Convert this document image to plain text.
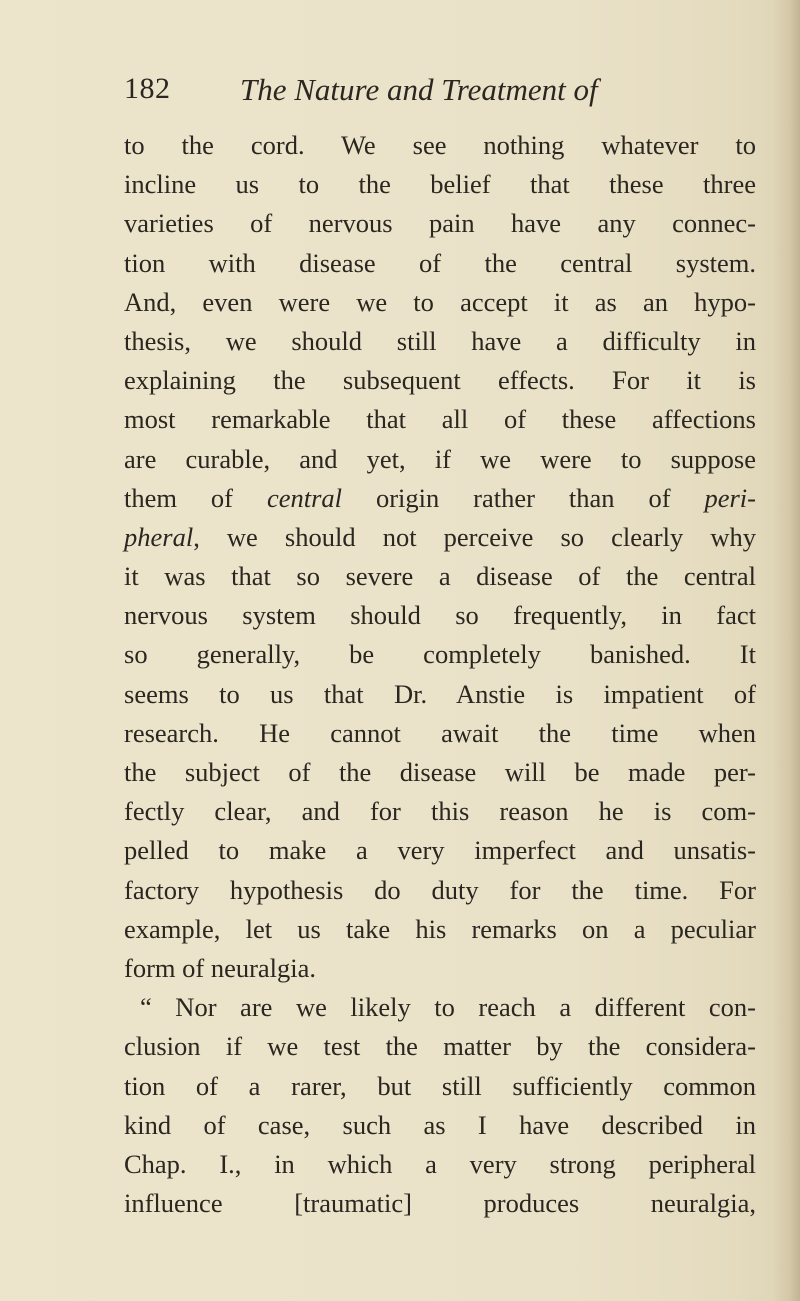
182 The Nature and Treatment of
to the cord. We see nothing whatever to
incline us to the belief that these three
varieties of nervous pain have any connec-
tion with disease of the central system.
And, even were we to accept it as an hypo-
thesis, we should still have a difficulty in
explaining the subsequent effects. For it is
most remarkable that all of these affections
are curable, and yet, if we were to suppose
them of central origin rather than of peri-
pheral, we should not perceive so clearly why
it was that so severe a disease of the central
nervous system should so frequently, in fact
so generally, be completely banished. It
seems to us that Dr. Anstie is impatient of
research. He cannot await the time when
the subject of the disease will be made per-
fectly clear, and for this reason he is com-
pelled to make a very imperfect and unsatis-
factory hypothesis do duty for the time. For
example, let us take his remarks on a peculiar
form of neuralgia.
“ Nor are we likely to reach a different con-
clusion if we test the matter by the considera-
tion of a rarer, but still sufficiently common
kind of case, such as I have described in
Chap. I., in which a very strong peripheral
influence [traumatic] produces neuralgia,
